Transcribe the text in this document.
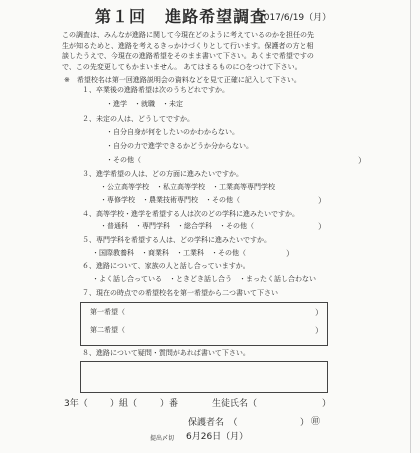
第１回 進路希望調査
2017/6/19（月）
この調査は、みんなが進路に関して今現在どのように考えているのかを担任の先
生が知るためと、進路を考えるきっかけづくりとして行います。保護者の方と相
談したうえで、今現在の進路希望をそのまま書いて下さい。あくまで希望ですの
で、この先変更してもかまいません。 あてはまるものに○をつけて下さい。
※　希望校名は第一回進路説明会の資料などを見て正確に記入して下さい。
１、卒業後の進路希望は次のうちどれですか。
・進学　・就職　・未定
２、未定の人は、どうしてですか。
・自分自身が何をしたいのかわからない。
・自分の力で進学できるかどうか分からない。
・その他（	）
３、進学希望の人は、どの方面に進みたいですか。
・公立高等学校　・私立高等学校　・工業高等専門学校
・専修学校　・農業技術専門校　・その他（	）
４、高等学校・進学を希望する人は次のどの学科に進みたいですか。
・普通科　・専門学科　・総合学科　・その他（	）
５、専門学科を希望する人は、どの学科に進みたいですか。
・国際教養科　・商業科　・工業科　・その他（	）
６、進路について、家族の人と話し合っていますか。
・よく話し合っている　・ときどき話し合う　・まったく話し合わない
７、現在の時点での希望校名を第一希望から二つ書いて下さい
第一希望（	）
第二希望（	）
８、進路について疑問・質問があれば書いて下さい。
3年（ ）組（	）番	生徒氏名（	）
保護者名　（	） ㊞
提出〆切 6月26日（月）
